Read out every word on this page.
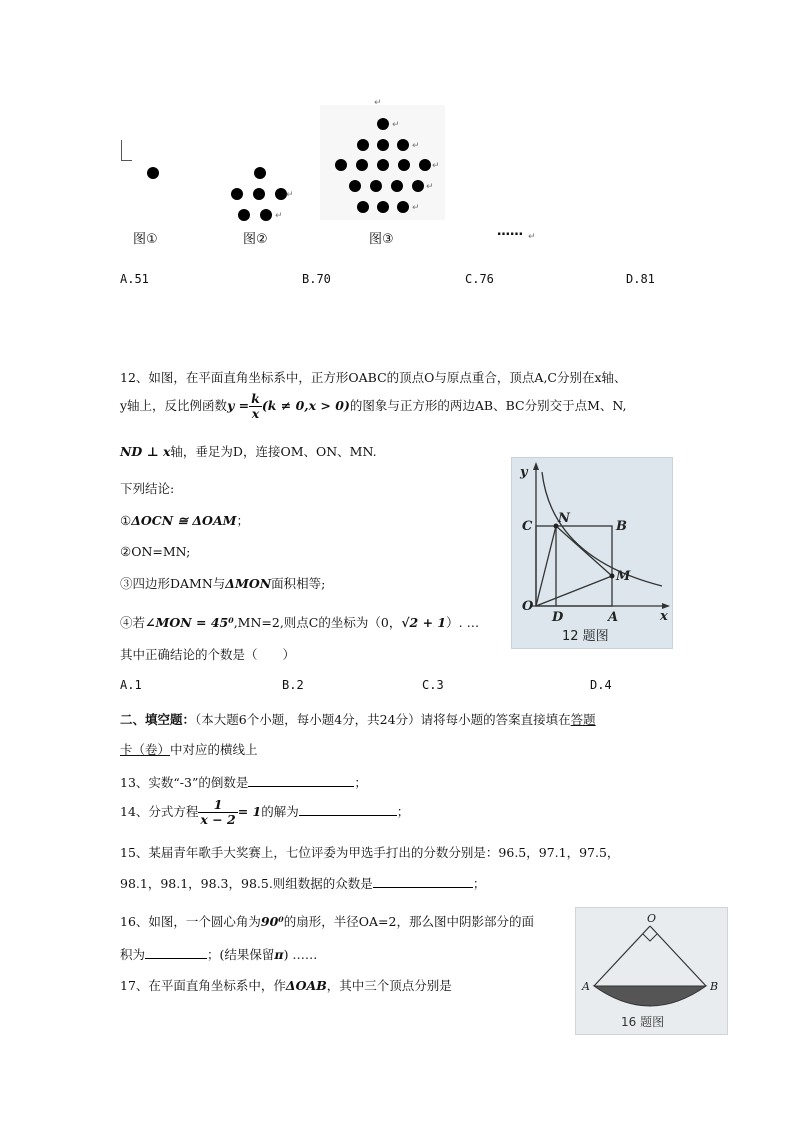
↵
↵
↵
↵
↵
↵
↵
↵
图①	图②	图③
…… ↵
A.51	B.70	C.76	D.81
12、如图，在平面直角坐标系中，正方形OABC的顶点O与原点重合，顶点A,C分别在x轴、
y轴上，反比例函数$y = \frac{k}{x} (k \ne 0,x > 0)$的图象与正方形的两边AB、BC分别交于点M、N,
ND ⊥ x轴，垂足为D，连接OM、ON、MN.
下列结论:
①ΔOCN ≅ ΔOAM；
②ON=MN;
③四边形DAMN与ΔMON面积相等;
④若∠MON = 45⁰,MN=2,则点C的坐标为（0，√2 + 1）. …
其中正确结论的个数是（　　）
A.1	B.2	C.3	D.4
y
x
C
N
B
M
O
D	A
12 题图
二、填空题：（本大题6个小题，每小题4分，共24分）请将每小题的答案直接填在答题
卡（卷）中对应的横线上
13、实数“-3”的倒数是	；
14、分式方程 $\frac{1}{x - 2} = 1$的解为	；
15、某届青年歌手大奖赛上，七位评委为甲选手打出的分数分别是：96.5，97.1，97.5，
98.1，98.1，98.3，98.5.则组数据的众数是	；
16、如图，一个圆心角为90⁰的扇形，半径OA=2，那么图中阴影部分的面
积为	；(结果保留π) ……
O
A	B
16 题图
17、在平面直角坐标系中，作ΔOAB，其中三个顶点分别是
